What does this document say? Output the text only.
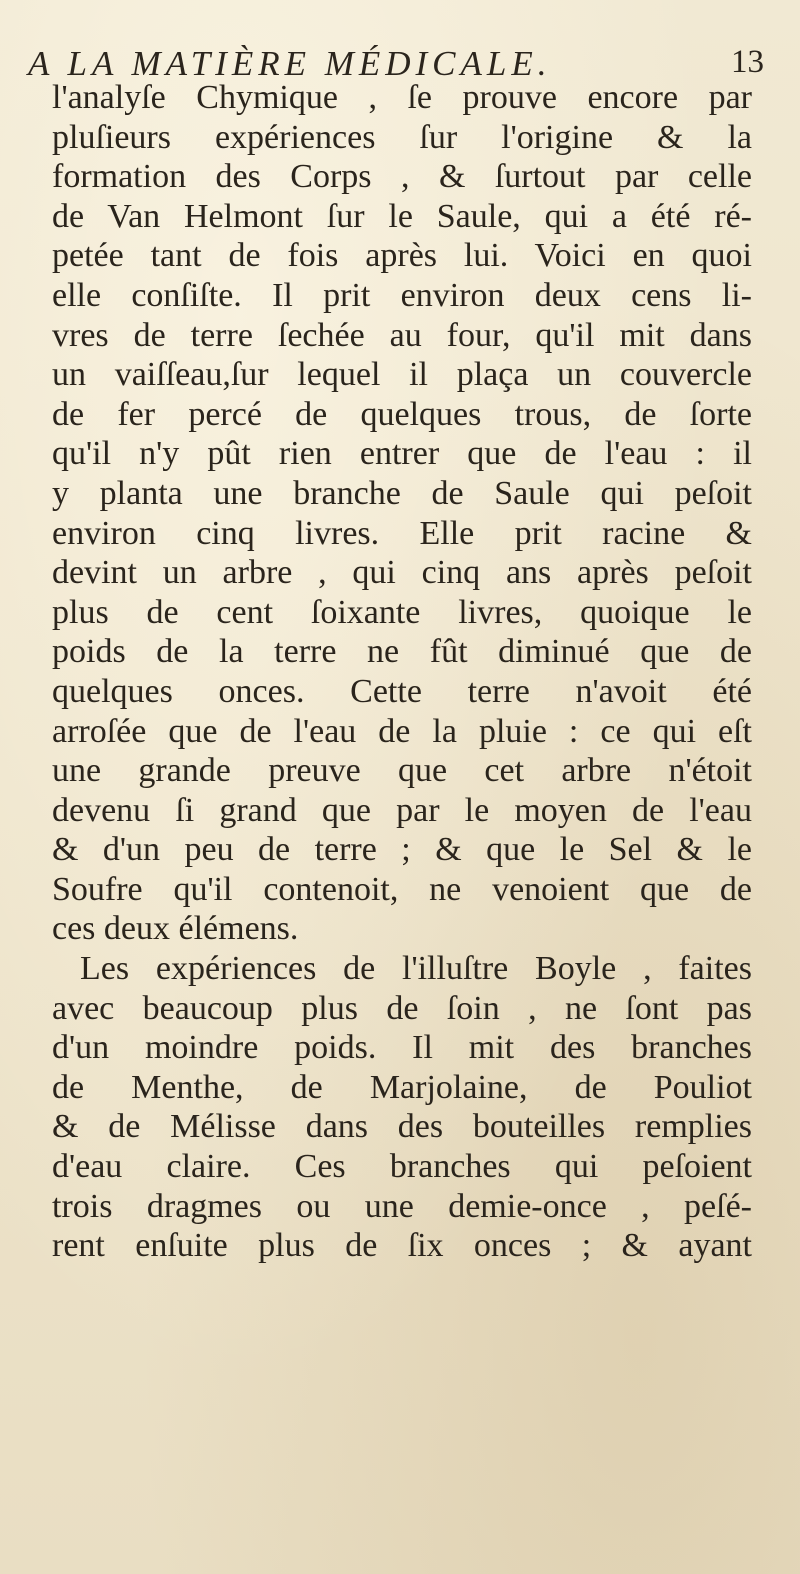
A LA MATIÈRE MÉDICALE.	13
l'analyſe Chymique , ſe prouve encore par
pluſieurs expériences ſur l'origine & la
formation des Corps , & ſurtout par celle
de Van Helmont ſur le Saule, qui a été ré-
petée tant de fois après lui. Voici en quoi
elle conſiſte. Il prit environ deux cens li-
vres de terre ſechée au four, qu'il mit dans
un vaiſſeau,ſur lequel il plaça un couvercle
de fer percé de quelques trous, de ſorte
qu'il n'y pût rien entrer que de l'eau : il
y planta une branche de Saule qui peſoit
environ cinq livres. Elle prit racine &
devint un arbre , qui cinq ans après peſoit
plus de cent ſoixante livres, quoique le
poids de la terre ne fût diminué que de
quelques onces. Cette terre n'avoit été
arroſée que de l'eau de la pluie : ce qui eſt
une grande preuve que cet arbre n'étoit
devenu ſi grand que par le moyen de l'eau
& d'un peu de terre ; & que le Sel & le
Soufre qu'il contenoit, ne venoient que de
ces deux élémens.
Les expériences de l'illuſtre Boyle , faites
avec beaucoup plus de ſoin , ne ſont pas
d'un moindre poids. Il mit des branches
de Menthe, de Marjolaine, de Pouliot
& de Mélisse dans des bouteilles remplies
d'eau claire. Ces branches qui peſoient
trois dragmes ou une demie-once , peſé-
rent enſuite plus de ſix onces ; & ayant
